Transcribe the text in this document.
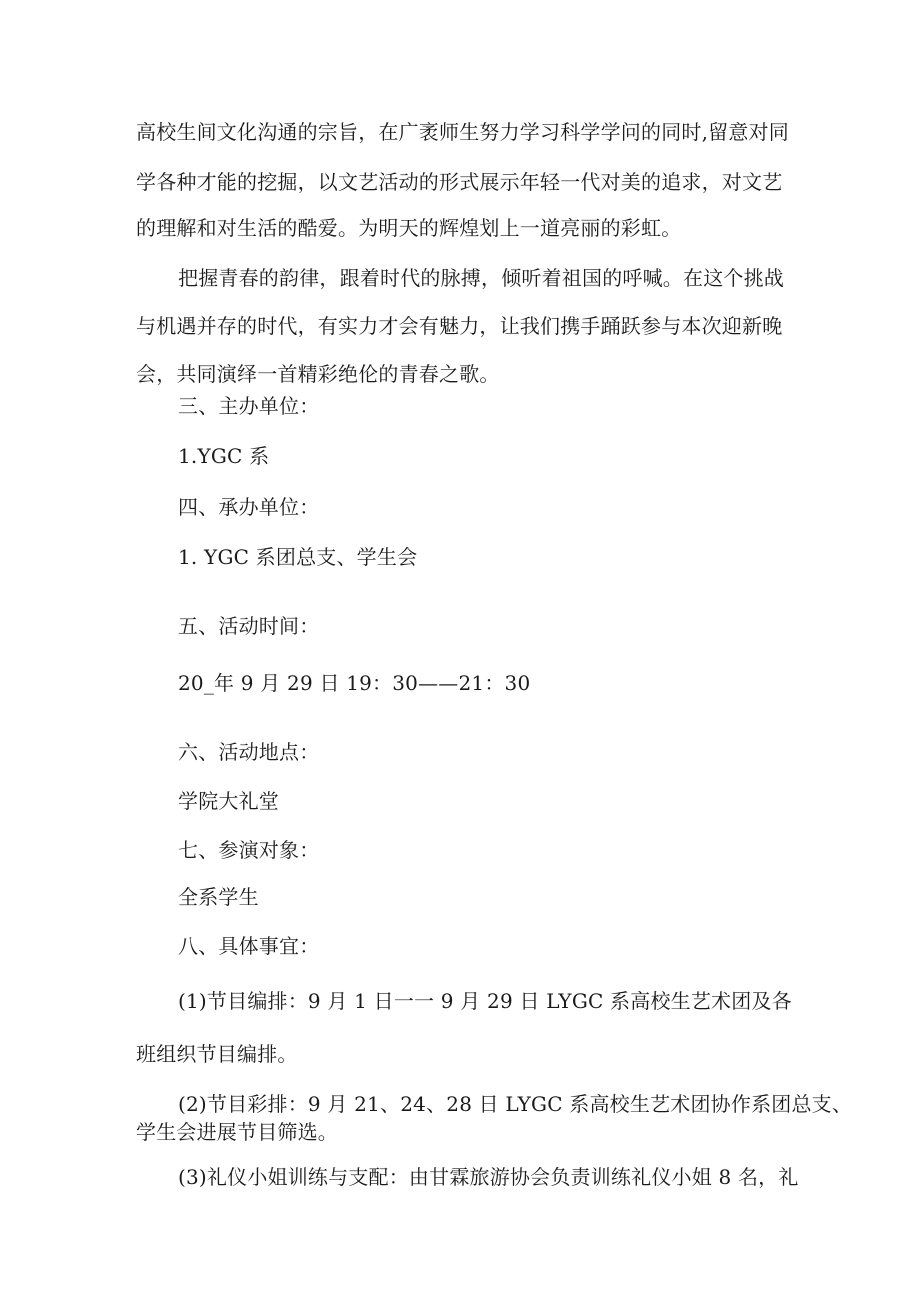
高校生间文化沟通的宗旨，在广袤师生努力学习科学学问的同时,留意对同
学各种才能的挖掘，以文艺活动的形式展示年轻一代对美的追求，对文艺
的理解和对生活的酷爱。为明天的辉煌划上一道亮丽的彩虹。
把握青春的韵律，跟着时代的脉搏，倾听着祖国的呼喊。在这个挑战
与机遇并存的时代，有实力才会有魅力，让我们携手踊跃参与本次迎新晚
会，共同演绎一首精彩绝伦的青春之歌。
三、主办单位：
1.YGC 系
四、承办单位：
1. YGC 系团总支、学生会
五、活动时间：
20_年 9 月 29 日 19：30——21：30
六、活动地点：
学院大礼堂
七、参演对象：
全系学生
八、具体事宜：
(1)节目编排：9 月 1 日一一 9 月 29 日 LYGC 系高校生艺术团及各
班组织节目编排。
(2)节目彩排：9 月 21、24、28 日 LYGC 系高校生艺术团协作系团总支、
学生会进展节目筛选。
(3)礼仪小姐训练与支配：由甘霖旅游协会负责训练礼仪小姐 8 名，礼
